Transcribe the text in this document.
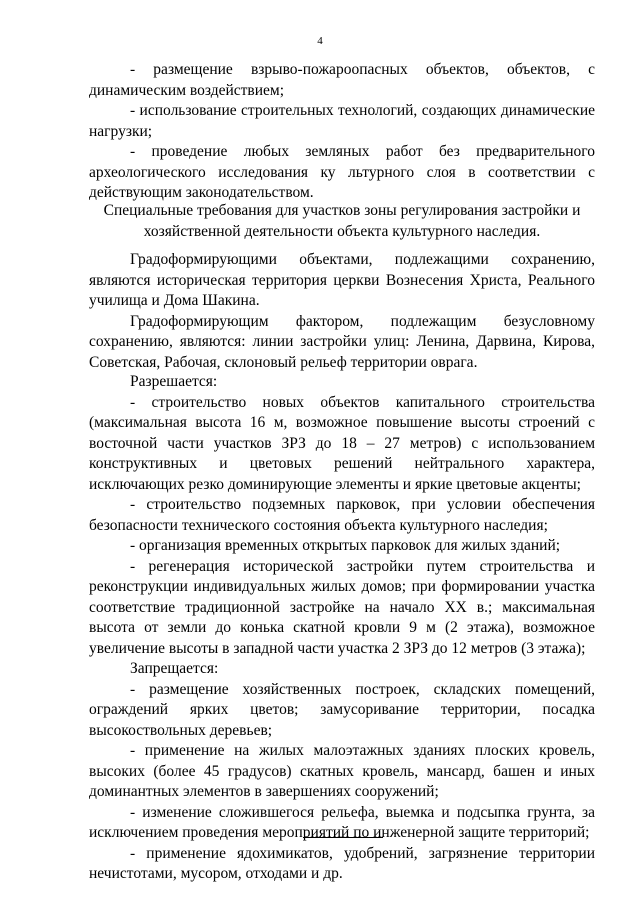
4

- размещение взрыво-пожароопасных объектов, объектов, с динамическим воздействием;

- использование строительных технологий, создающих динамические нагрузки;

- проведение любых земляных работ без предварительного археологического исследования ку льтурного слоя в соответствии с действующим законодательством.

Специальные требования для участков зоны регулирования застройки и хозяйственной деятельности объекта культурного наследия.

Градоформирующими объектами, подлежащими сохранению, являются историческая территория церкви Вознесения Христа, Реального училища и Дома Шакина.

Градоформирующим фактором, подлежащим безусловному сохранению, являются: линии застройки улиц: Ленина, Дарвина, Кирова, Советская, Рабочая, склоновый рельеф территории оврага.

Разрешается:

- строительство новых объектов капитального строительства (максимальная высота 16 м, возможное повышение высоты строений с восточной части участков ЗРЗ до 18 – 27 метров) с использованием конструктивных и цветовых решений нейтрального характера, исключающих резко доминирующие элементы и яркие цветовые акценты;

- строительство подземных парковок, при условии обеспечения безопасности технического состояния объекта культурного наследия;

- организация временных открытых парковок для жилых зданий;

- регенерация исторической застройки путем строительства и реконструкции индивидуальных жилых домов; при формировании участка соответствие традиционной застройке на начало XX в.; максимальная высота от земли до конька скатной кровли 9 м (2 этажа), возможное увеличение высоты в западной части участка 2 ЗРЗ до 12 метров (3 этажа);

Запрещается:

- размещение хозяйственных построек, складских помещений, ограждений ярких цветов; замусоривание территории, посадка высокоствольных деревьев;

- применение на жилых малоэтажных зданиях плоских кровель, высоких (более 45 градусов) скатных кровель, мансард, башен и иных доминантных элементов в завершениях сооружений;

- изменение сложившегося рельефа, выемка и подсыпка грунта, за исключением проведения мероприятий по инженерной защите территорий;

- применение ядохимикатов, удобрений, загрязнение территории нечистотами, мусором, отходами и др.
